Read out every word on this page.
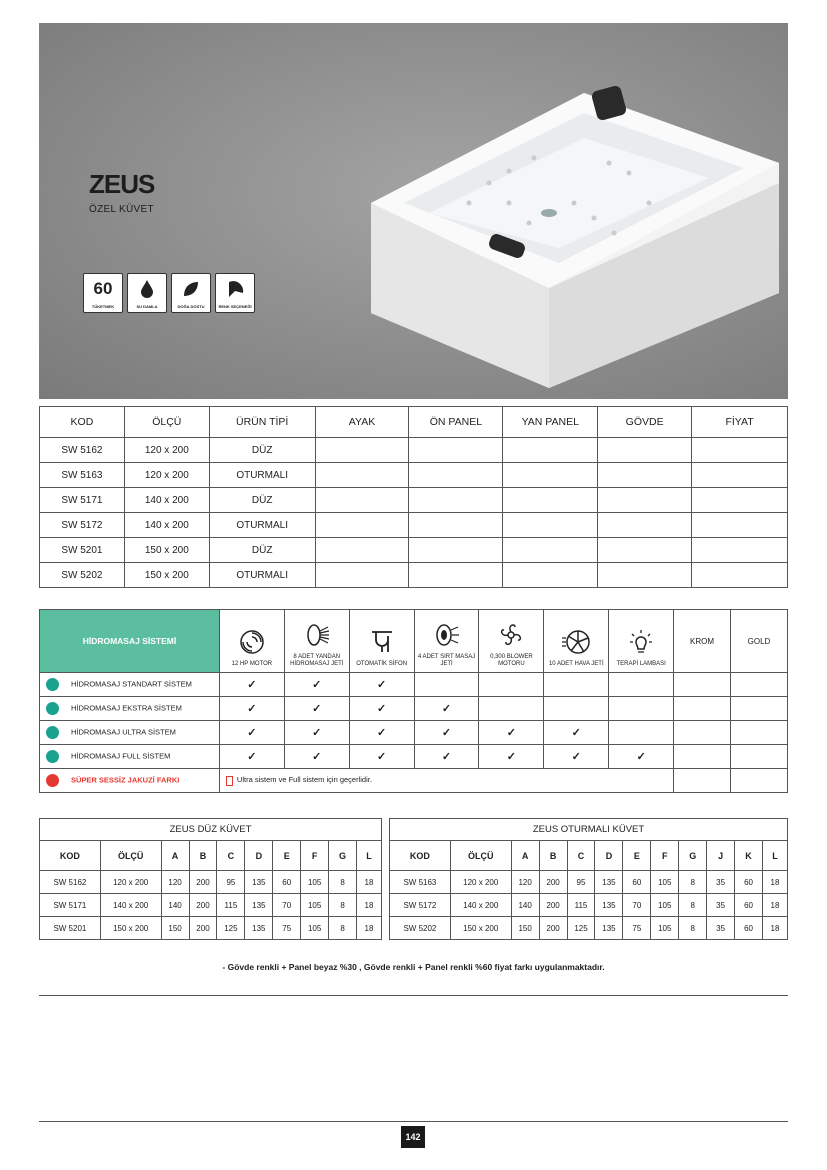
ZEUS
ÖZEL KÜVET
60
TÜKETMEK	SU DAMLA	DOĞA DOSTU	RENK SEÇENEĞİ
KOD	ÖLÇÜ	ÜRÜN TİPİ	AYAK	ÖN PANEL	YAN PANEL	GÖVDE	FİYAT
SW 5162	120 x 200	DÜZ					
SW 5163	120 x 200	OTURMALI					
SW 5171	140 x 200	DÜZ					
SW 5172	140 x 200	OTURMALI					
SW 5201	150 x 200	DÜZ					
SW 5202	150 x 200	OTURMALI					
HİDROMASAJ SİSTEMİ	12 HP MOTOR	8 ADET YANDAN HİDROMASAJ JETİ	OTOMATİK SİFON	4 ADET SIRT MASAJ JETİ	0,300 BLOWER MOTORU	10 ADET HAVA JETİ	TERAPİ LAMBASI	KROM	GOLD
HİDROMASAJ STANDART SİSTEM	✓	✓	✓						
HİDROMASAJ EKSTRA SİSTEM	✓	✓	✓	✓					
HİDROMASAJ ULTRA SİSTEM	✓	✓	✓	✓	✓	✓			
HİDROMASAJ FULL SİSTEM	✓	✓	✓	✓	✓	✓	✓		
SÜPER SESSİZ JAKUZİ FARKI	Ultra sistem ve Full sistem için geçerlidir.								
ZEUS DÜZ KÜVET									
KOD	ÖLÇÜ	A	B	C	D	E	F	G	L
SW 5162	120 x 200	120	200	95	135	60	105	8	18
SW 5171	140 x 200	140	200	115	135	70	105	8	18
SW 5201	150 x 200	150	200	125	135	75	105	8	18
ZEUS OTURMALI KÜVET											
KOD	ÖLÇÜ	A	B	C	D	E	F	G	J	K	L
SW 5163	120 x 200	120	200	95	135	60	105	8	35	60	18
SW 5172	140 x 200	140	200	115	135	70	105	8	35	60	18
SW 5202	150 x 200	150	200	125	135	75	105	8	35	60	18
- Gövde renkli + Panel beyaz %30 , Gövde renkli + Panel renkli %60 fiyat farkı uygulanmaktadır.
142
